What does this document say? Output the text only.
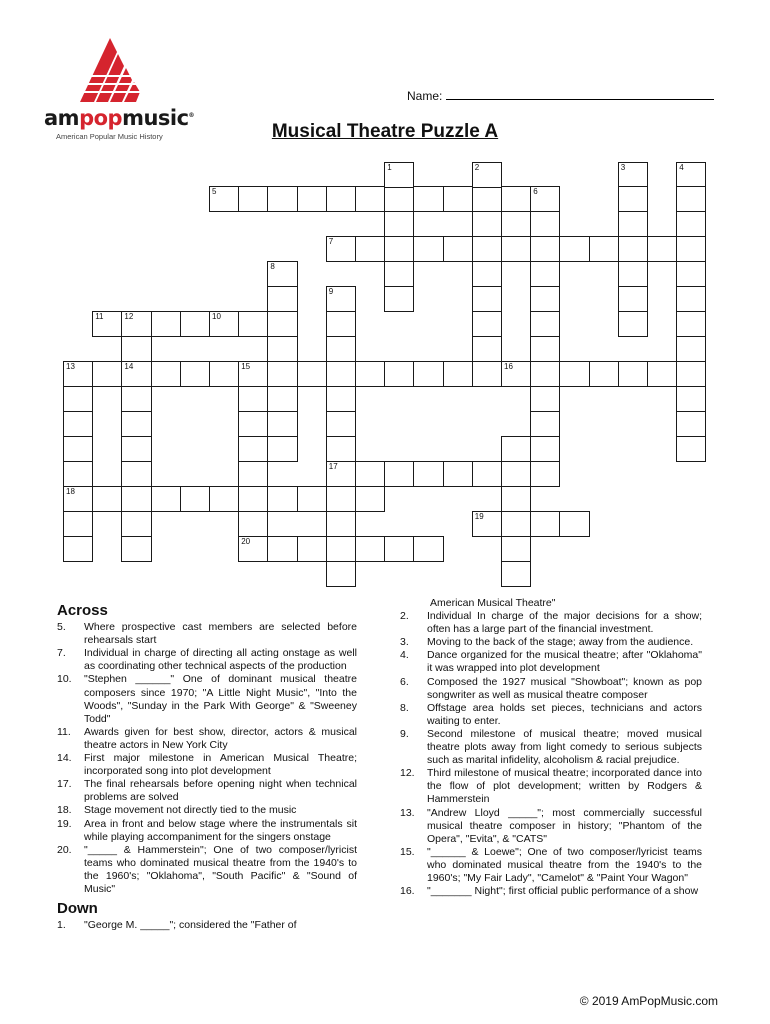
ampopmusic®
American Popular Music History
Name:
Musical Theatre Puzzle A
5
7
11	12	10
14	15	16
17
18
19
20
13
1	2	3	4
8
9
6
Across
5.	Where prospective cast members are selected before rehearsals start
7.	Individual in charge of directing all acting onstage as well as coordinating other technical aspects of the production
10.	"Stephen ______" One of dominant musical theatre composers since 1970; "A Little Night Music", "Into the Woods", "Sunday in the Park With George" & "Sweeney Todd"
11.	Awards given for best show, director, actors & musical theatre actors in New York City
14.	First major milestone in American Musical Theatre; incorporated song into plot development
17.	The final rehearsals before opening night when technical problems are solved
18.	Stage movement not directly tied to the music
19.	Area in front and below stage where the instrumentals sit while playing accompaniment for the singers onstage
20.	"_____ & Hammerstein"; One of two composer/lyricist teams who dominated musical theatre from the 1940's to the 1960's; "Oklahoma", "South Pacific" & "Sound of Music"
Down
1.	"George M. _____"; considered the "Father of
American Musical Theatre"
2.	Individual In charge of the major decisions for a show; often has a large part of the financial investment.
3.	Moving to the back of the stage; away from the audience.
4.	Dance organized for the musical theatre; after "Oklahoma" it was wrapped into plot development
6.	Composed the 1927 musical "Showboat"; known as pop songwriter as well as musical theatre composer
8.	Offstage area holds set pieces, technicians and actors waiting to enter.
9.	Second milestone of musical theatre; moved musical theatre plots away from light comedy to serious subjects such as marital infidelity, alcoholism & racial prejudice.
12.	Third milestone of musical theatre; incorporated dance into the flow of plot development; written by Rodgers & Hammerstein
13.	"Andrew Lloyd _____"; most commercially successful musical theatre composer in history; "Phantom of the Opera", "Evita", & "CATS"
15.	"______ & Loewe"; One of two composer/lyricist teams who dominated musical theatre from the 1940's to the 1960's; "My Fair Lady", "Camelot" & "Paint Your Wagon"
16.	"_______ Night"; first official public performance of a show
© 2019 AmPopMusic.com
